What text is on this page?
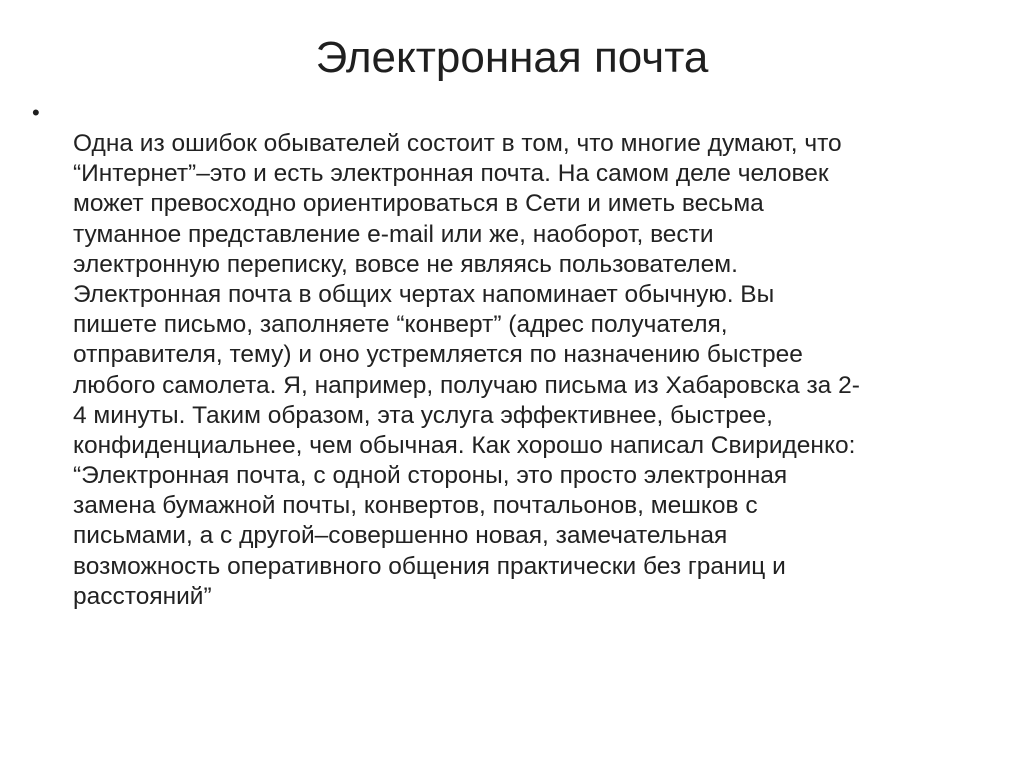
Электронная почта
•
Одна из ошибок обывателей состоит в том, что многие думают, что
“Интернет”–это и есть электронная почта. На самом деле человек
может превосходно ориентироваться в Сети и иметь весьма
туманное представление e-mail или же, наоборот, вести
электронную переписку, вовсе не являясь пользователем.
Электронная почта в общих чертах напоминает обычную. Вы
пишете письмо, заполняете “конверт” (адрес получателя,
отправителя, тему) и оно устремляется по назначению быстрее
любого самолета. Я, например, получаю письма из Хабаровска за 2-
4 минуты. Таким образом, эта услуга эффективнее, быстрее,
конфиденциальнее, чем обычная. Как хорошо написал Свириденко:
“Электронная почта, с одной стороны, это просто электронная
замена бумажной почты, конвертов, почтальонов, мешков с
письмами, а с другой–совершенно новая, замечательная
возможность оперативного общения практически без границ и
расстояний”
